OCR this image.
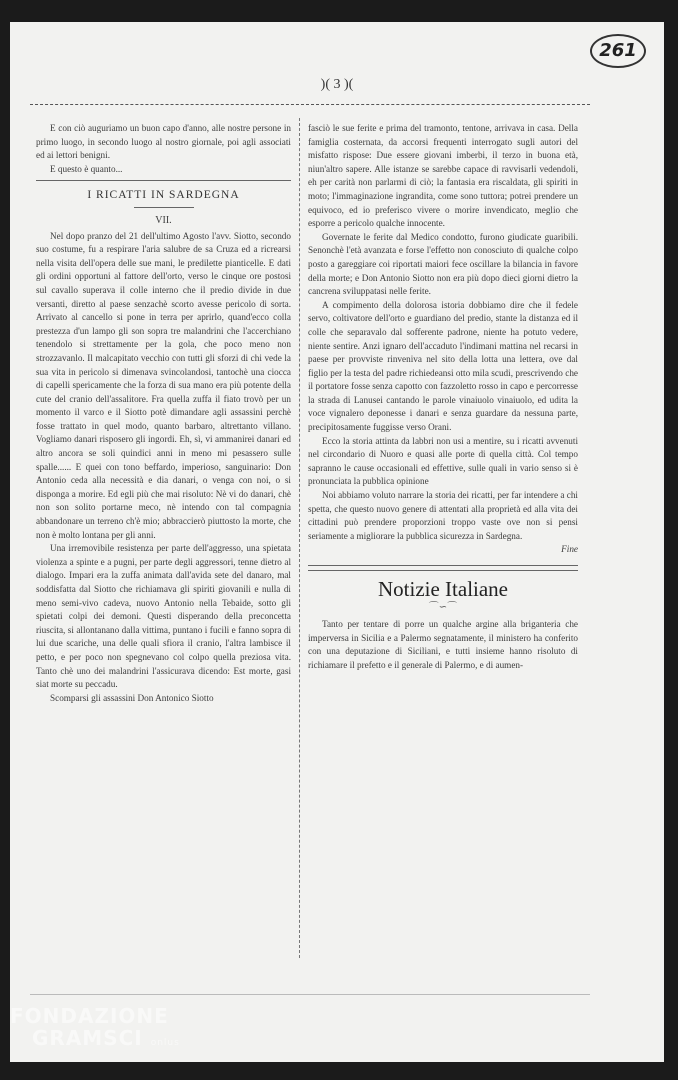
261
)( 3 )(

E con ciò auguriamo un buon capo d'anno, alle nostre persone in primo luogo, in secondo luogo al nostro giornale, poi agli associati ed ai lettori benigni.

E questo è quanto...

I RICATTI IN SARDEGNA
VII.

Nel dopo pranzo del 21 dell'ultimo Agosto l'avv. Siotto, secondo suo costume, fu a respirare l'aria salubre de sa Cruza ed a ricrearsi nella visita dell'opera delle sue mani, le predilette pianticelle. E dati gli ordini opportuni al fattore dell'orto, verso le cinque ore postosi sul cavallo superava il colle interno che il predio divide in due versanti, diretto al paese senzachè scorto avesse pericolo di sorta. Arrivato al cancello si pone in terra per aprirlo, quand'ecco colla prestezza d'un lampo gli son sopra tre malandrini che l'accerchiano tenendolo si strettamente per la gola, che poco meno non strozzavanlo. Il malcapitato vecchio con tutti gli sforzi di chi vede la sua vita in pericolo si dimenava svincolandosi, tantochè una ciocca di capelli spericamente che la forza di sua mano era più potente della cute del cranio dell'assalitore. Fra quella zuffa il fiato trovò per un momento il varco e il Siotto potè dimandare agli assassini perchè fosse trattato in quel modo, quanto barbaro, altrettanto villano. Vogliamo danari risposero gli ingordi. Eh, sì, vi ammanirei danari ed altro ancora se soli quindici anni in meno mi pesassero sulle spalle...... E quei con tono beffardo, imperioso, sanguinario: Don Antonio ceda alla necessità e dia danari, o venga con noi, o si disponga a morire. Ed egli più che mai risoluto: Nè vi do danari, chè non son solito portarne meco, nè intendo con tal compagnia abbandonare un terreno ch'è mio; abbraccierò piuttosto la morte, che non è molto lontana per gli anni.

Una irremovibile resistenza per parte dell'aggresso, una spietata violenza a spinte e a pugni, per parte degli aggressori, tenne dietro al dialogo. Impari era la zuffa animata dall'avida sete del danaro, mal soddisfatta dal Siotto che richiamava gli spiriti giovanili e nulla di meno semi-vivo cadeva, nuovo Antonio nella Tebaide, sotto gli spietati colpi dei demoni. Questi disperando della preconcetta riuscita, si allontanano dalla vittima, puntano i fucili e fanno sopra di lui due scariche, una delle quali sfiora il cranio, l'altra lambisce il petto, e per poco non spegnevano col colpo quella preziosa vita. Tanto chè uno dei malandrini l'assicurava dicendo: Est morte, gasi siat morte su peccadu.

Scomparsi gli assassini Don Antonico Siotto

fasciò le sue ferite e prima del tramonto, tentone, arrivava in casa. Della famiglia costernata, da accorsi frequenti interrogato sugli autori del misfatto rispose: Due essere giovani imberbi, il terzo in buona età, niun'altro sapere. Alle istanze se sarebbe capace di ravvisarli vedendoli, eh per carità non parlarmi di ciò; la fantasia era riscaldata, gli spiriti in moto; l'immaginazione ingrandita, come sono tuttora; potrei prendere un equivoco, ed io preferisco vivere o morire invendicato, meglio che esporre a pericolo qualche innocente.

Governate le ferite dal Medico condotto, furono giudicate guaribili. Senonchè l'età avanzata e forse l'effetto non conosciuto di qualche colpo posto a gareggiare coi riportati maiori fece oscillare la bilancia in favore della morte; e Don Antonio Siotto non era più dopo dieci giorni dietro la cancrena sviluppatasi nelle ferite.

A compimento della dolorosa istoria dobbiamo dire che il fedele servo, coltivatore dell'orto e guardiano del predio, stante la distanza ed il colle che separavalo dal sofferente padrone, niente ha potuto vedere, niente sentire. Anzi ignaro dell'accaduto l'indimani mattina nel recarsi in paese per provviste rinveniva nel sito della lotta una lettera, ove dal figlio per la testa del padre richiedeansi otto mila scudi, prescrivendo che il portatore fosse senza capotto con fazzoletto rosso in capo e percorresse la strada di Lanusei cantando le parole vinaiuolo vinaiuolo, ed udita la voce vignalero deponesse i danari e senza guardare da nessuna parte, precipitosamente fuggisse verso Orani.

Ecco la storia attinta da labbri non usi a mentire, su i ricatti avvenuti nel circondario di Nuoro e quasi alle porte di quella città. Col tempo sapranno le cause occasionali ed effettive, sulle quali in vario senso si è pronunciata la pubblica opinione

Noi abbiamo voluto narrare la storia dei ricatti, per far intendere a chi spetta, che questo nuovo genere di attentati alla proprietà ed alla vita dei cittadini può prendere proporzioni troppo vaste ove non si pensi seriamente a migliorare la pubblica sicurezza in Sardegna.

Fine

Notizie Italiane
⌒∽⌒

Tanto per tentare di porre un qualche argine alla briganteria che imperversa in Sicilia e a Palermo segnatamente, il ministero ha conferito con una deputazione di Siciliani, e tutti insieme hanno risoluto di richiamare il prefetto e il generale di Palermo, e di aumen-

FONDAZIONE
GRAMSCI onlus
